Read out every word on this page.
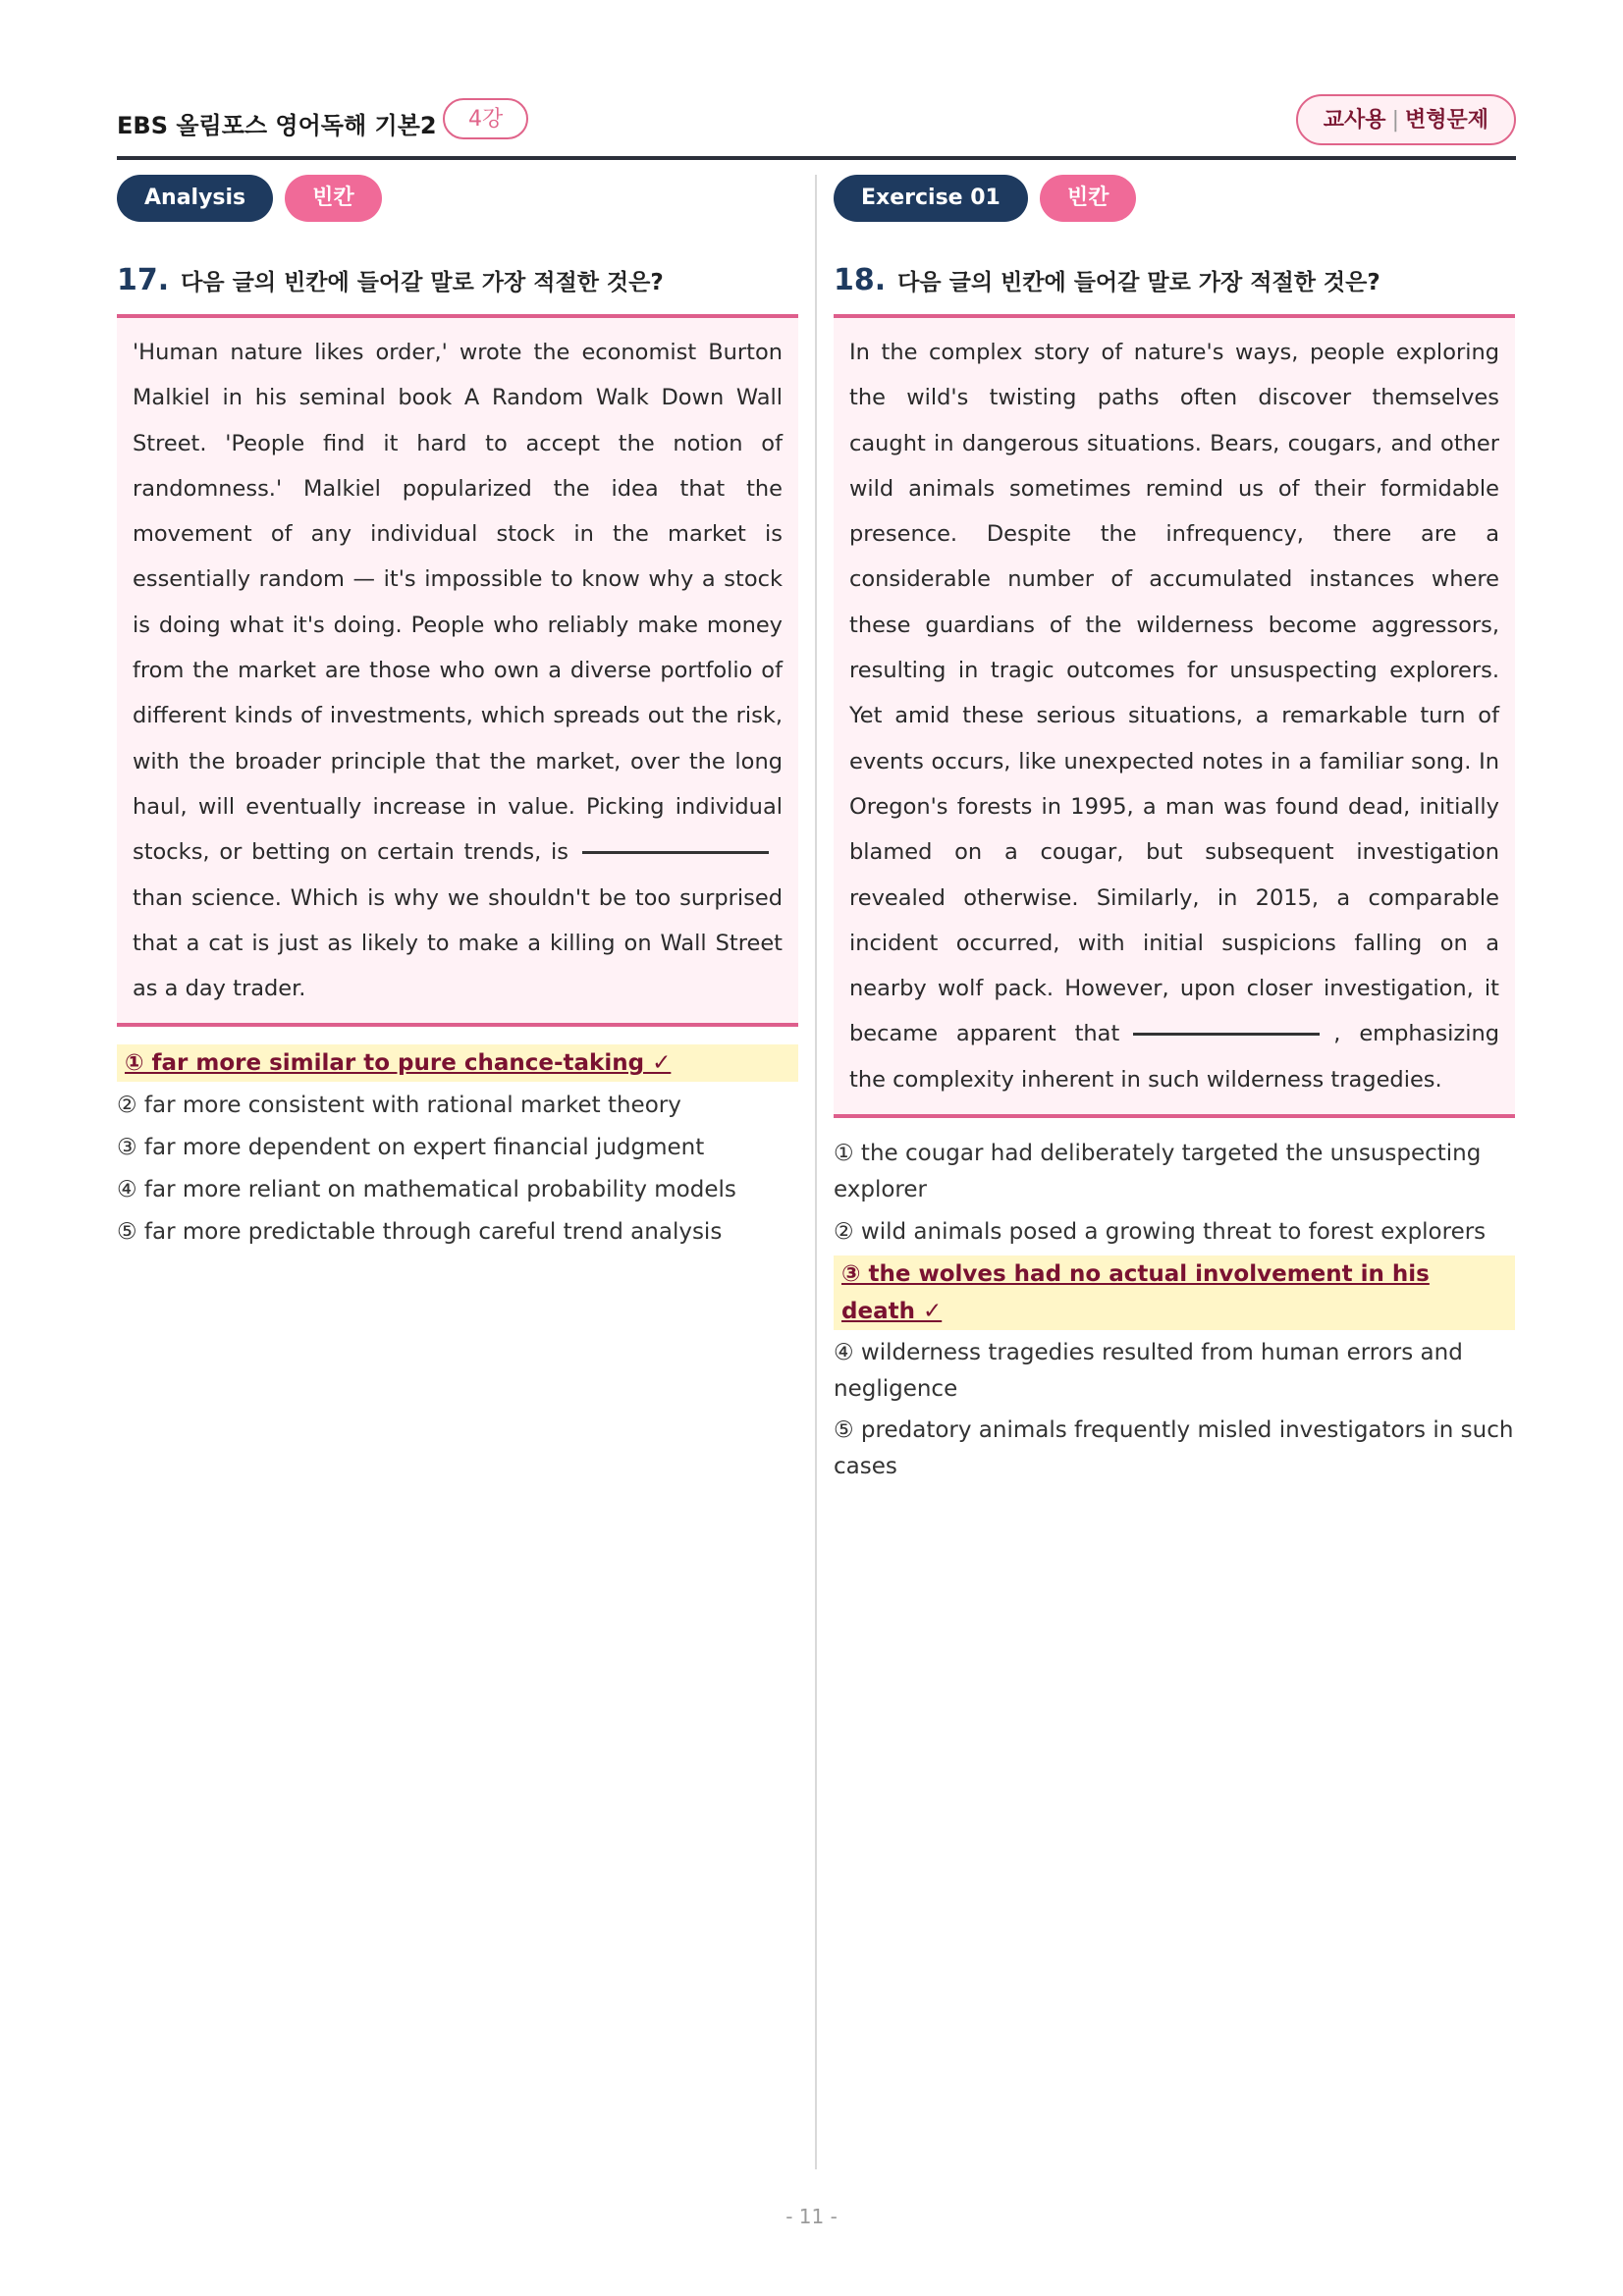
EBS 올림포스 영어독해 기본2	4강	교사용 | 변형문제
Analysis	빈칸
17. 다음 글의 빈칸에 들어갈 말로 가장 적절한 것은?
'Human nature likes order,' wrote the economist Burton Malkiel in his seminal book A Random Walk Down Wall Street. 'People find it hard to accept the notion of randomness.' Malkiel popularized the idea that the movement of any individual stock in the market is essentially random — it's impossible to know why a stock is doing what it's doing. People who reliably make money from the market are those who own a diverse portfolio of different kinds of investments, which spreads out the risk, with the broader principle that the market, over the long haul, will eventually increase in value. Picking individual stocks, or betting on certain trends, isthan science. Which is why we shouldn't be too surprised that a cat is just as likely to make a killing on Wall Street as a day trader.
① far more similar to pure chance-taking ✓
② far more consistent with rational market theory
③ far more dependent on expert financial judgment
④ far more reliant on mathematical probability models
⑤ far more predictable through careful trend analysis
Exercise 01	빈칸
18. 다음 글의 빈칸에 들어갈 말로 가장 적절한 것은?
In the complex story of nature's ways, people exploring the wild's twisting paths often discover themselves caught in dangerous situations. Bears, cougars, and other wild animals sometimes remind us of their formidable presence. Despite the infrequency, there are a considerable number of accumulated instances where these guardians of the wilderness become aggressors, resulting in tragic outcomes for unsuspecting explorers. Yet amid these serious situations, a remarkable turn of events occurs, like unexpected notes in a familiar song. In Oregon's forests in 1995, a man was found dead, initially blamed on a cougar, but subsequent investigation revealed otherwise. Similarly, in 2015, a comparable incident occurred, with initial suspicions falling on a nearby wolf pack. However, upon closer investigation, it became apparent that	, emphasizing the complexity inherent in such wilderness tragedies.
① the cougar had deliberately targeted the unsuspecting explorer
② wild animals posed a growing threat to forest explorers
③ the wolves had no actual involvement in his death ✓
④ wilderness tragedies resulted from human errors and negligence
⑤ predatory animals frequently misled investigators in such cases
- 11 -
